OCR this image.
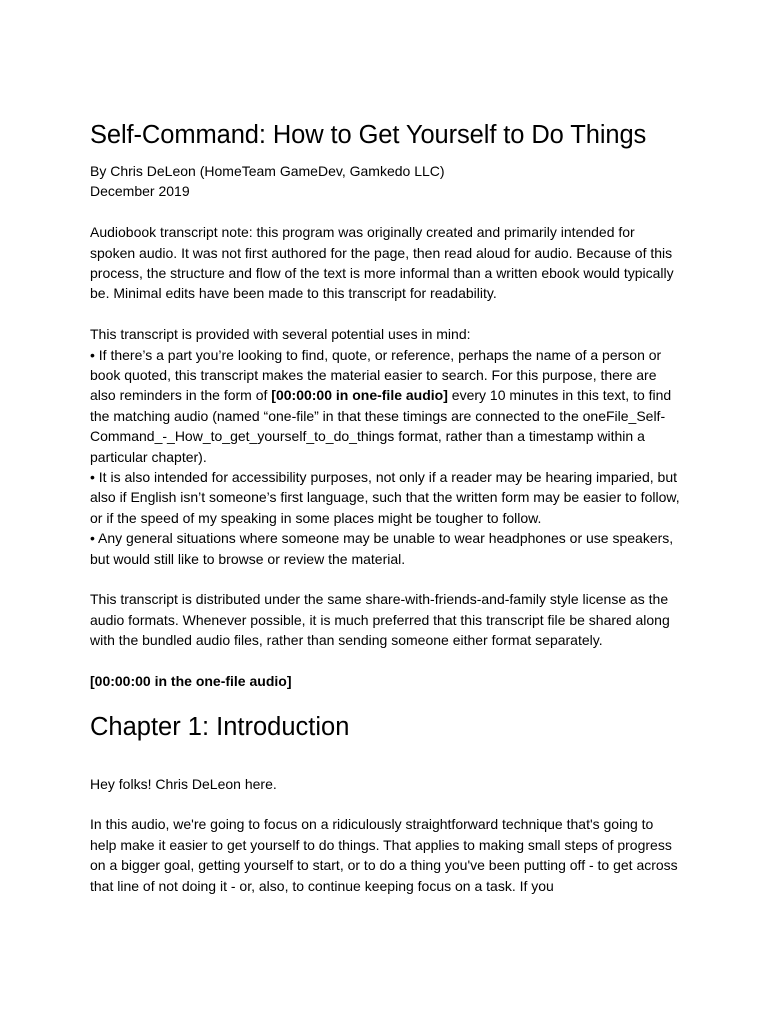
Self-Command: How to Get Yourself to Do Things

By Chris DeLeon (HomeTeam GameDev, Gamkedo LLC)

December 2019

Audiobook transcript note: this program was originally created and primarily intended for spoken audio. It was not first authored for the page, then read aloud for audio. Because of this process, the structure and flow of the text is more informal than a written ebook would typically be. Minimal edits have been made to this transcript for readability.

This transcript is provided with several potential uses in mind:

• If there’s a part you’re looking to find, quote, or reference, perhaps the name of a person or book quoted, this transcript makes the material easier to search. For this purpose, there are also reminders in the form of [00:00:00 in one-file audio] every 10 minutes in this text, to find the matching audio (named “one-file” in that these timings are connected to the oneFile_Self-Command_-_How_to_get_yourself_to_do_things format, rather than a timestamp within a particular chapter).

• It is also intended for accessibility purposes, not only if a reader may be hearing imparied, but also if English isn’t someone’s first language, such that the written form may be easier to follow, or if the speed of my speaking in some places might be tougher to follow.

• Any general situations where someone may be unable to wear headphones or use speakers, but would still like to browse or review the material.

This transcript is distributed under the same share-with-friends-and-family style license as the audio formats. Whenever possible, it is much preferred that this transcript file be shared along with the bundled audio files, rather than sending someone either format separately.

[00:00:00 in the one-file audio]

Chapter 1: Introduction

Hey folks! Chris DeLeon here.

In this audio, we're going to focus on a ridiculously straightforward technique that's going to help make it easier to get yourself to do things. That applies to making small steps of progress on a bigger goal, getting yourself to start, or to do a thing you've been putting off - to get across that line of not doing it - or, also, to continue keeping focus on a task. If you
